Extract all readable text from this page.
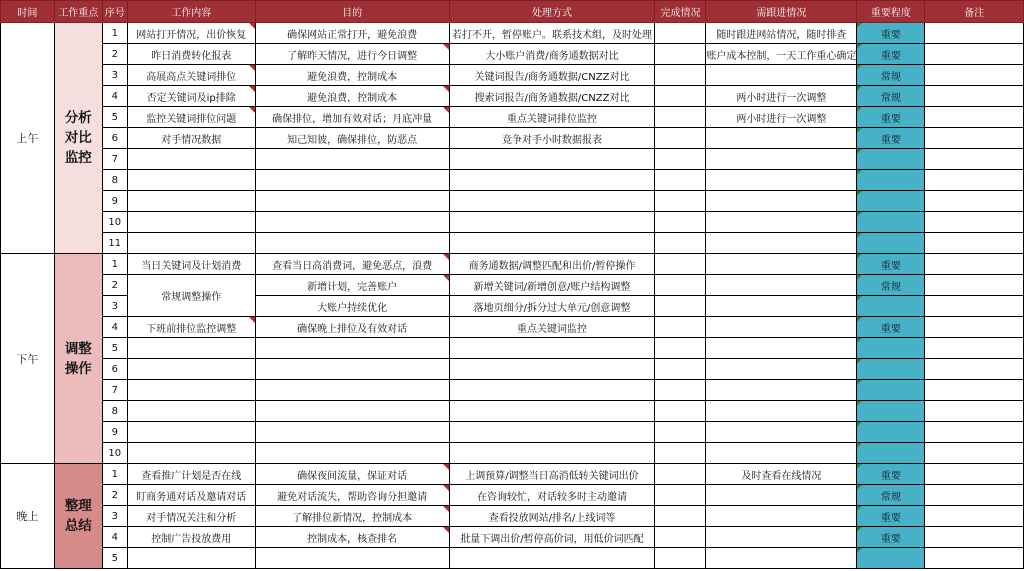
时间	工作重点	序号	工作内容	目的	处理方式	完成情况	需跟进情况	重要程度	备注
上午	分析对比监控	1	网站打开情况，出价恢复	确保网站正常打开，避免浪费	若打不开，暂停账户。联系技术组，及时处理		随时跟进网站情况，随时排查	重要

		2	昨日消费转化报表	了解昨天情况，进行今日调整	大小账户消费/商务通数据对比		账户成本控制，一天工作重心确定	重要

		3	高展高点关键词排位	避免浪费，控制成本	关键词报告/商务通数据/CNZZ对比			常规

		4	否定关键词及ip排除	避免浪费，控制成本	搜索词报告/商务通数据/CNZZ对比		两小时进行一次调整	常规

		5	监控关键词排位问题	确保排位，增加有效对话；月底冲量	重点关键词排位监控		两小时进行一次调整	重要

		6	对手情况数据	知己知彼，确保排位，防恶点	竞争对手小时数据报表			重要

		7						

		8						

		9						

		10						

		11						

下午	调整操作	1	当日关键词及计划消费	查看当日高消费词，避免恶点，浪费	商务通数据/调整匹配和出价/暂停操作			重要

		2	常规调整操作	新增计划，完善账户	新增关键词/新增创意/账户结构调整			常规

		3		大账户持续优化	落地页细分/拆分过大单元/创意调整			

		4	下班前排位监控调整	确保晚上排位及有效对话	重点关键词监控			重要

		5						

		6						

		7						

		8						

		9						

		10						

晚上	整理总结	1	查看推广计划是否在线	确保夜间流量，保证对话	上调预算/调整当日高消低转关键词出价		及时查看在线情况	重要

		2	盯商务通对话及邀请对话	避免对话流失，帮助咨询分担邀请	在咨询较忙，对话较多时主动邀请			常规

		3	对手情况关注和分析	了解排位新情况，控制成本	查看投放网站/排名/上线词等			重要

		4	控制广告投放费用	控制成本，核查排名	批量下调出价/暂停高价词，用低价词匹配			重要

		5						
